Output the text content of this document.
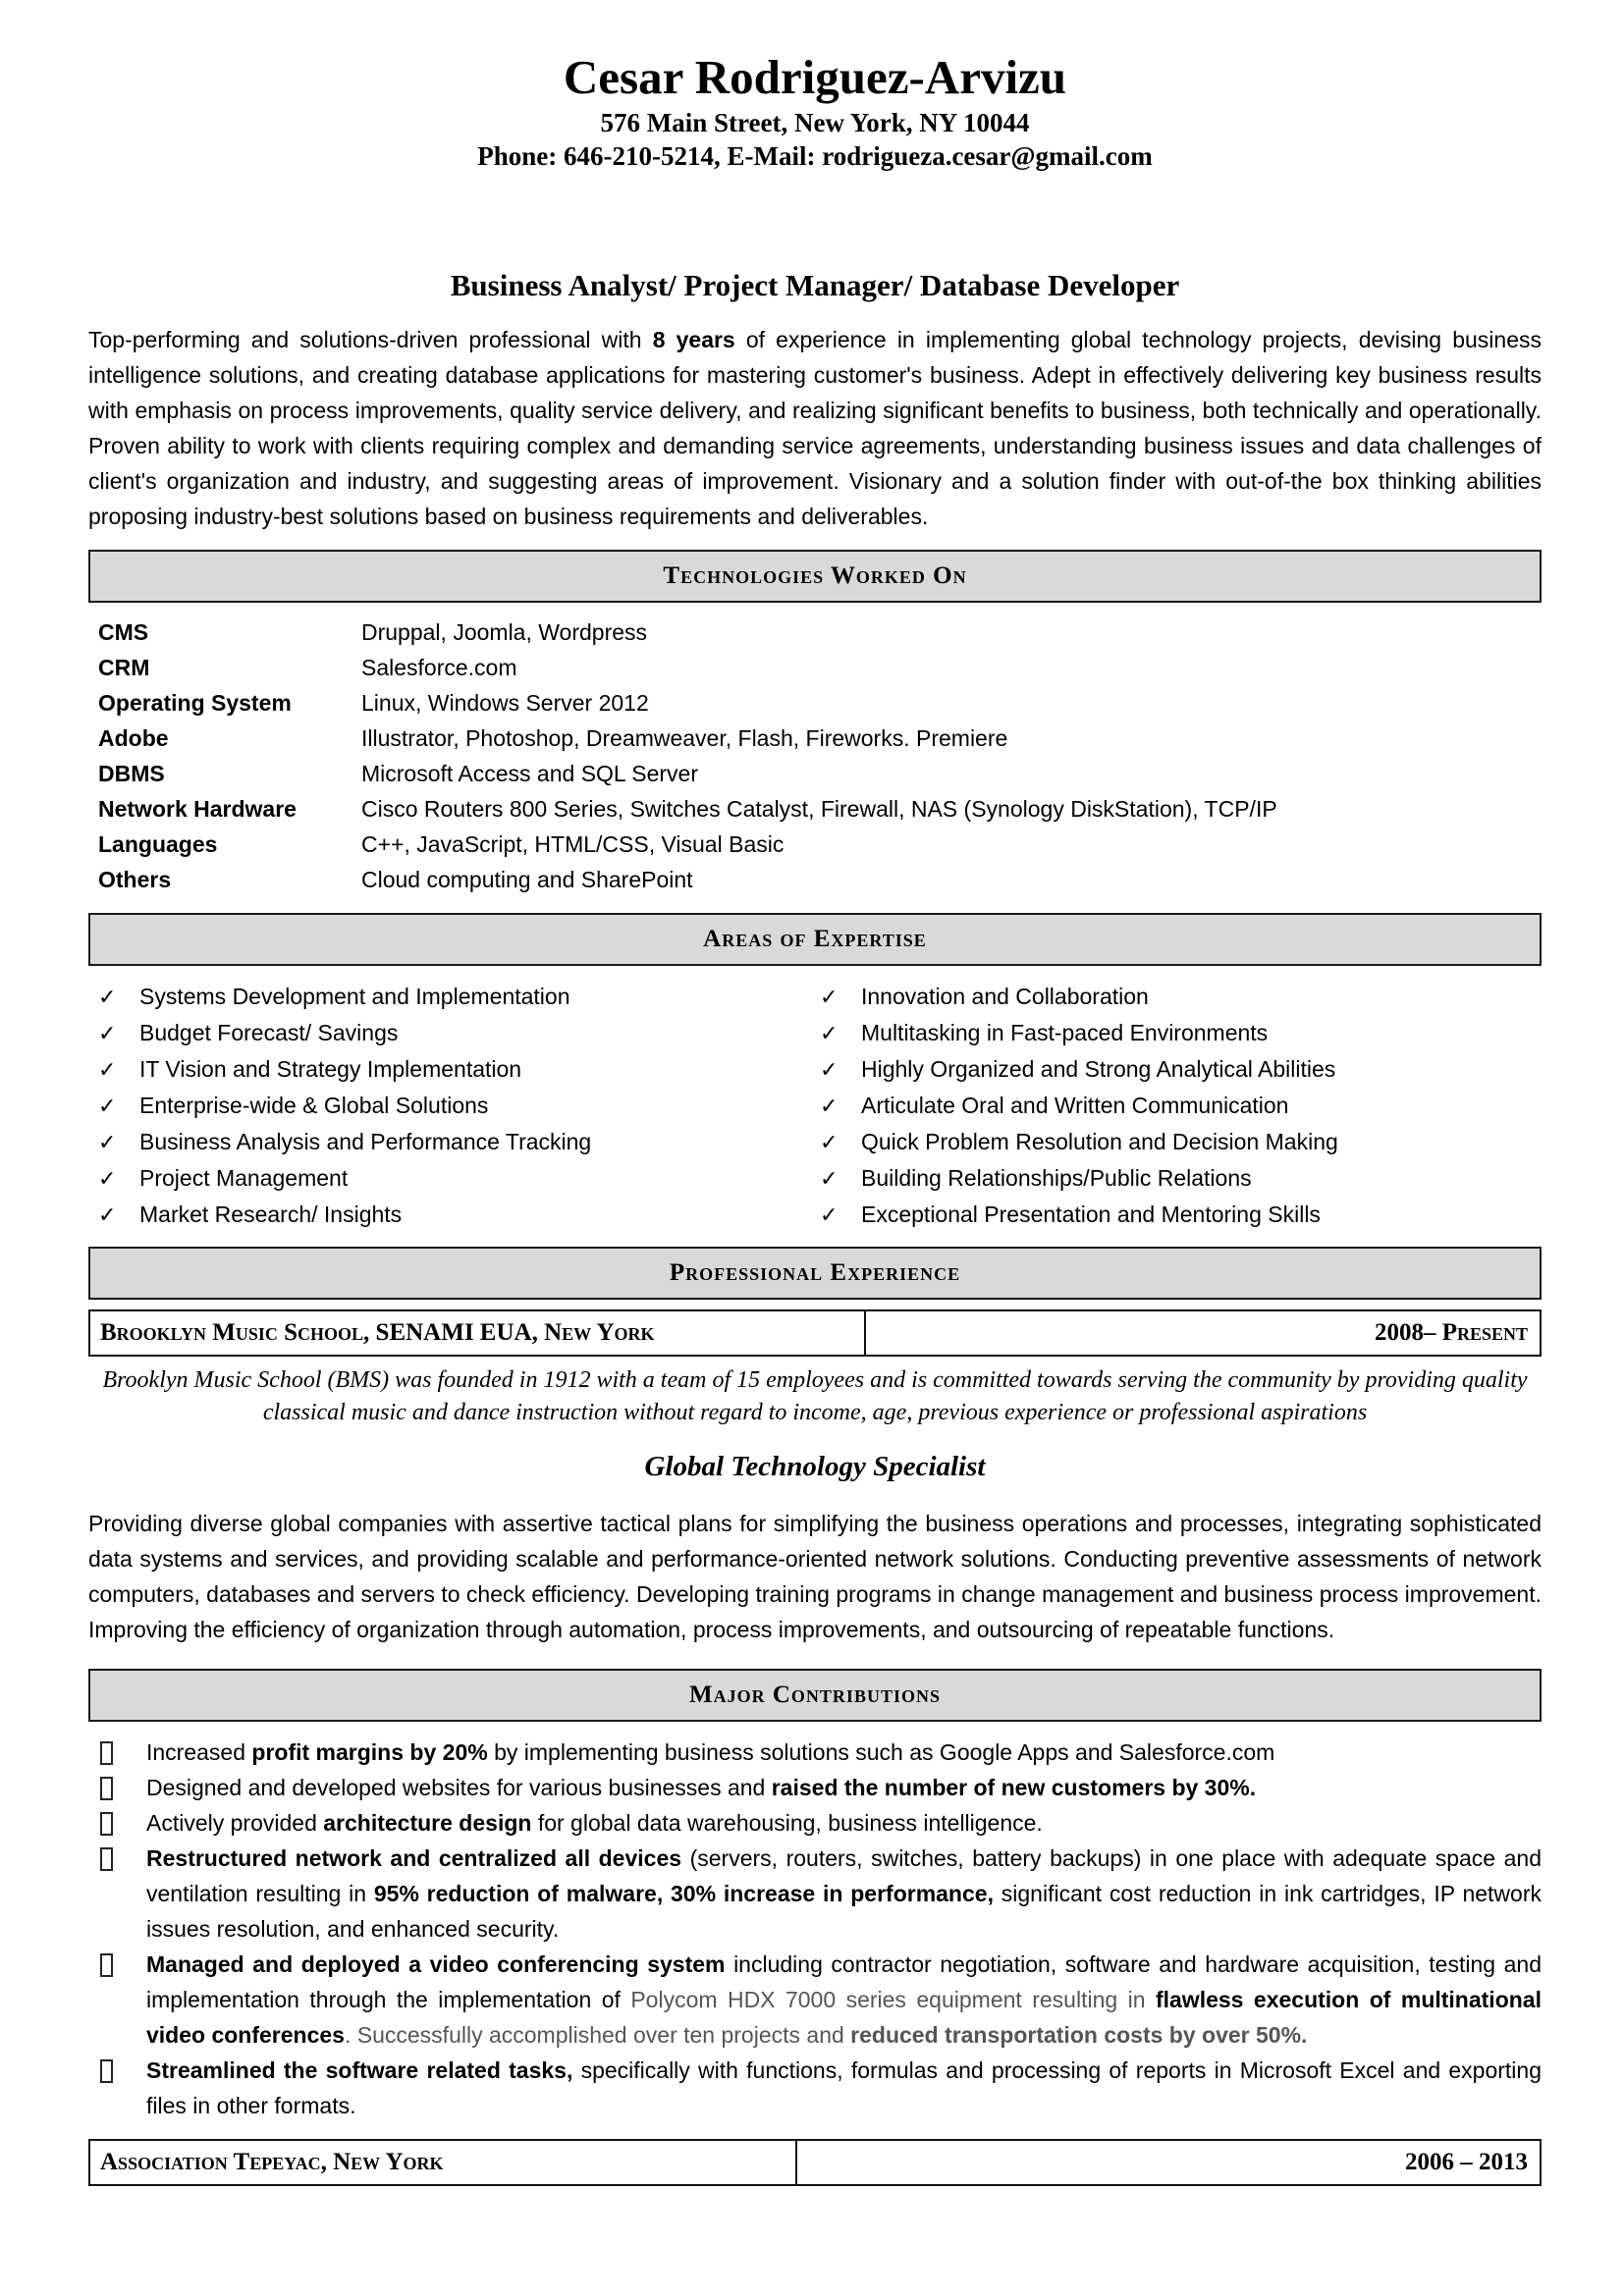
Cesar Rodriguez-Arvizu
576 Main Street, New York, NY 10044
Phone: 646-210-5214, E-Mail: rodrigueza.cesar@gmail.com
Business Analyst/ Project Manager/ Database Developer

Top-performing and solutions-driven professional with 8 years of experience in implementing global technology projects, devising business intelligence solutions, and creating database applications for mastering customer's business. Adept in effectively delivering key business results with emphasis on process improvements, quality service delivery, and realizing significant benefits to business, both technically and operationally. Proven ability to work with clients requiring complex and demanding service agreements, understanding business issues and data challenges of client's organization and industry, and suggesting areas of improvement. Visionary and a solution finder with out-of-the box thinking abilities proposing industry-best solutions based on business requirements and deliverables.

Technologies Worked On
CMS	Druppal, Joomla, Wordpress
CRM	Salesforce.com
Operating System	Linux, Windows Server 2012
Adobe	Illustrator, Photoshop, Dreamweaver, Flash, Fireworks. Premiere
DBMS	Microsoft Access and SQL Server
Network Hardware	Cisco Routers 800 Series, Switches Catalyst, Firewall, NAS (Synology DiskStation), TCP/IP
Languages	C++, JavaScript, HTML/CSS, Visual Basic
Others	Cloud computing and SharePoint
Areas of Expertise
✓	Systems Development and Implementation
✓	Budget Forecast/ Savings
✓	IT Vision and Strategy Implementation
✓	Enterprise-wide & Global Solutions
✓	Business Analysis and Performance Tracking
✓	Project Management
✓	Market Research/ Insights
✓	Innovation and Collaboration
✓	Multitasking in Fast-paced Environments
✓	Highly Organized and Strong Analytical Abilities
✓	Articulate Oral and Written Communication
✓	Quick Problem Resolution and Decision Making
✓	Building Relationships/Public Relations
✓	Exceptional Presentation and Mentoring Skills
Professional Experience
Brooklyn Music School, SENAMI EUA, New York	2008– Present

Brooklyn Music School (BMS) was founded in 1912 with a team of 15 employees and is committed towards serving the community by providing quality classical music and dance instruction without regard to income, age, previous experience or professional aspirations

Global Technology Specialist

Providing diverse global companies with assertive tactical plans for simplifying the business operations and processes, integrating sophisticated data systems and services, and providing scalable and performance-oriented network solutions. Conducting preventive assessments of network computers, databases and servers to check efficiency. Developing training programs in change management and business process improvement. Improving the efficiency of organization through automation, process improvements, and outsourcing of repeatable functions.

Major Contributions
Increased profit margins by 20% by implementing business solutions such as Google Apps and Salesforce.com
Designed and developed websites for various businesses and raised the number of new customers by 30%.
Actively provided architecture design for global data warehousing, business intelligence.
Restructured network and centralized all devices (servers, routers, switches, battery backups) in one place with adequate space and ventilation resulting in 95% reduction of malware, 30% increase in performance, significant cost reduction in ink cartridges, IP network issues resolution, and enhanced security.
Managed and deployed a video conferencing system including contractor negotiation, software and hardware acquisition, testing and implementation through the implementation of Polycom HDX 7000 series equipment resulting in flawless execution of multinational video conferences. Successfully accomplished over ten projects and reduced transportation costs by over 50%.
Streamlined the software related tasks, specifically with functions, formulas and processing of reports in Microsoft Excel and exporting files in other formats.
Association Tepeyac, New York	2006 – 2013
